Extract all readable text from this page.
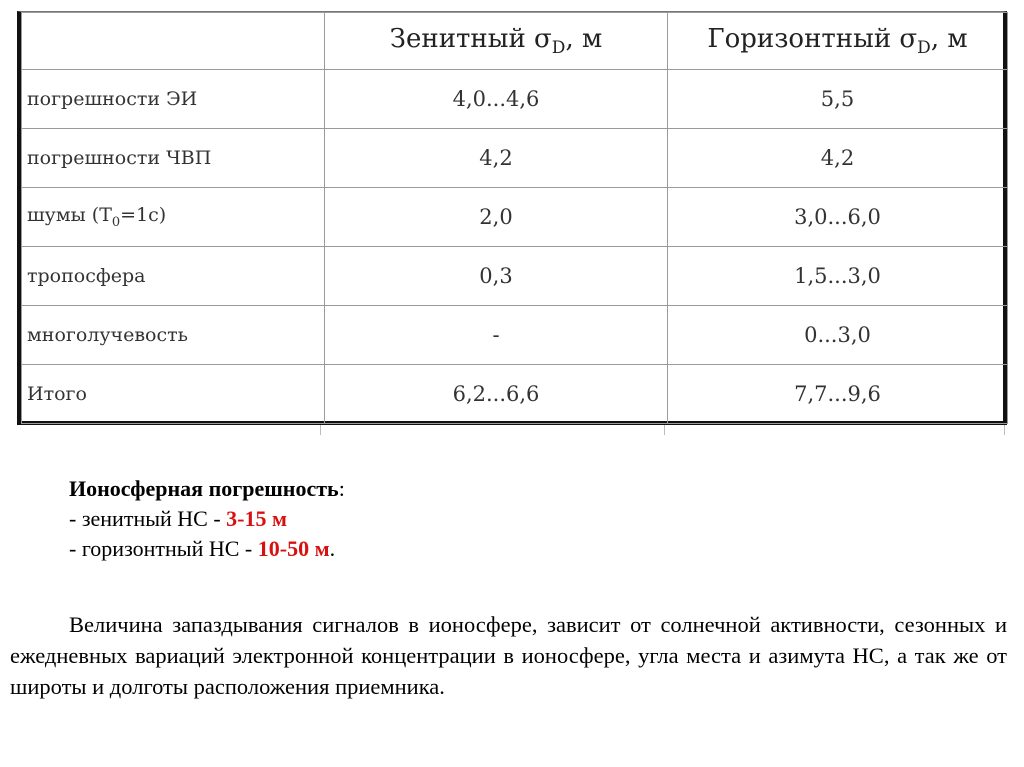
	Зенитный $\sigma_D$, м	Горизонтный $\sigma_D$, м
погрешности ЭИ	4,0...4,6	5,5
погрешности ЧВП	4,2	4,2
шумы $(T_0=1c)$	2,0	3,0...6,0
тропосфера	0,3	1,5...3,0
многолучевость	-	0...3,0
Итого	6,2...6,6	7,7...9,6
Ионосферная погрешность:
- зенитный НС - 3-15 м
- горизонтный НС - 10-50 м.

Величина запаздывания сигналов в ионосфере, зависит от солнечной активности, сезонных и ежедневных вариаций электронной концентрации в ионосфере, угла места и азимута НС, а так же от широты и долготы расположения приемника.
